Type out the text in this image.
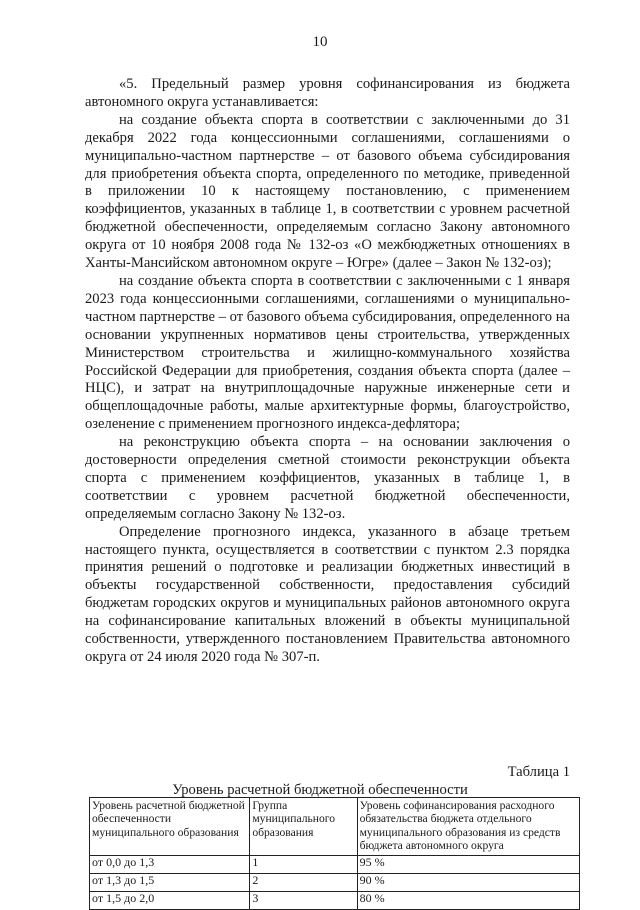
10

«5. Предельный размер уровня софинансирования из бюджета автономного округа устанавливается:

на создание объекта спорта в соответствии с заключенными до 31 декабря 2022 года концессионными соглашениями, соглашениями о муниципально-частном партнерстве – от базового объема субсидирования для приобретения объекта спорта, определенного по методике, приведенной в приложении 10 к настоящему постановлению, с применением коэффициентов, указанных в таблице 1, в соответствии с уровнем расчетной бюджетной обеспеченности, определяемым согласно Закону автономного округа от 10 ноября 2008 года № 132-оз «О межбюджетных отношениях в Ханты-Мансийском автономном округе – Югре» (далее – Закон № 132-оз);

на создание объекта спорта в соответствии с заключенными с 1 января 2023 года концессионными соглашениями, соглашениями о муниципально-частном партнерстве – от базового объема субсидирования, определенного на основании укрупненных нормативов цены строительства, утвержденных Министерством строительства и жилищно-коммунального хозяйства Российской Федерации для приобретения, создания объекта спорта (далее – НЦС), и затрат на внутриплощадочные наружные инженерные сети и общеплощадочные работы, малые архитектурные формы, благоустройство, озеленение с применением прогнозного индекса-дефлятора;

на реконструкцию объекта спорта – на основании заключения о достоверности определения сметной стоимости реконструкции объекта спорта с применением коэффициентов, указанных в таблице 1, в соответствии с уровнем расчетной бюджетной обеспеченности, определяемым согласно Закону № 132-оз.

Определение прогнозного индекса, указанного в абзаце третьем настоящего пункта, осуществляется в соответствии с пунктом 2.3 порядка принятия решений о подготовке и реализации бюджетных инвестиций в объекты государственной собственности, предоставления субсидий бюджетам городских округов и муниципальных районов автономного округа на софинансирование капитальных вложений в объекты муниципальной собственности, утвержденного постановлением Правительства автономного округа от 24 июля 2020 года № 307-п.

Таблица 1
Уровень расчетной бюджетной обеспеченности
Уровень расчетной бюджетной обеспеченности муниципального образования	Группа муниципального образования	Уровень софинансирования расходного обязательства бюджета отдельного муниципального образования из средств бюджета автономного округа
от 0,0 до 1,3	1	95 %
от 1,3 до 1,5	2	90 %
от 1,5 до 2,0	3	80 %
